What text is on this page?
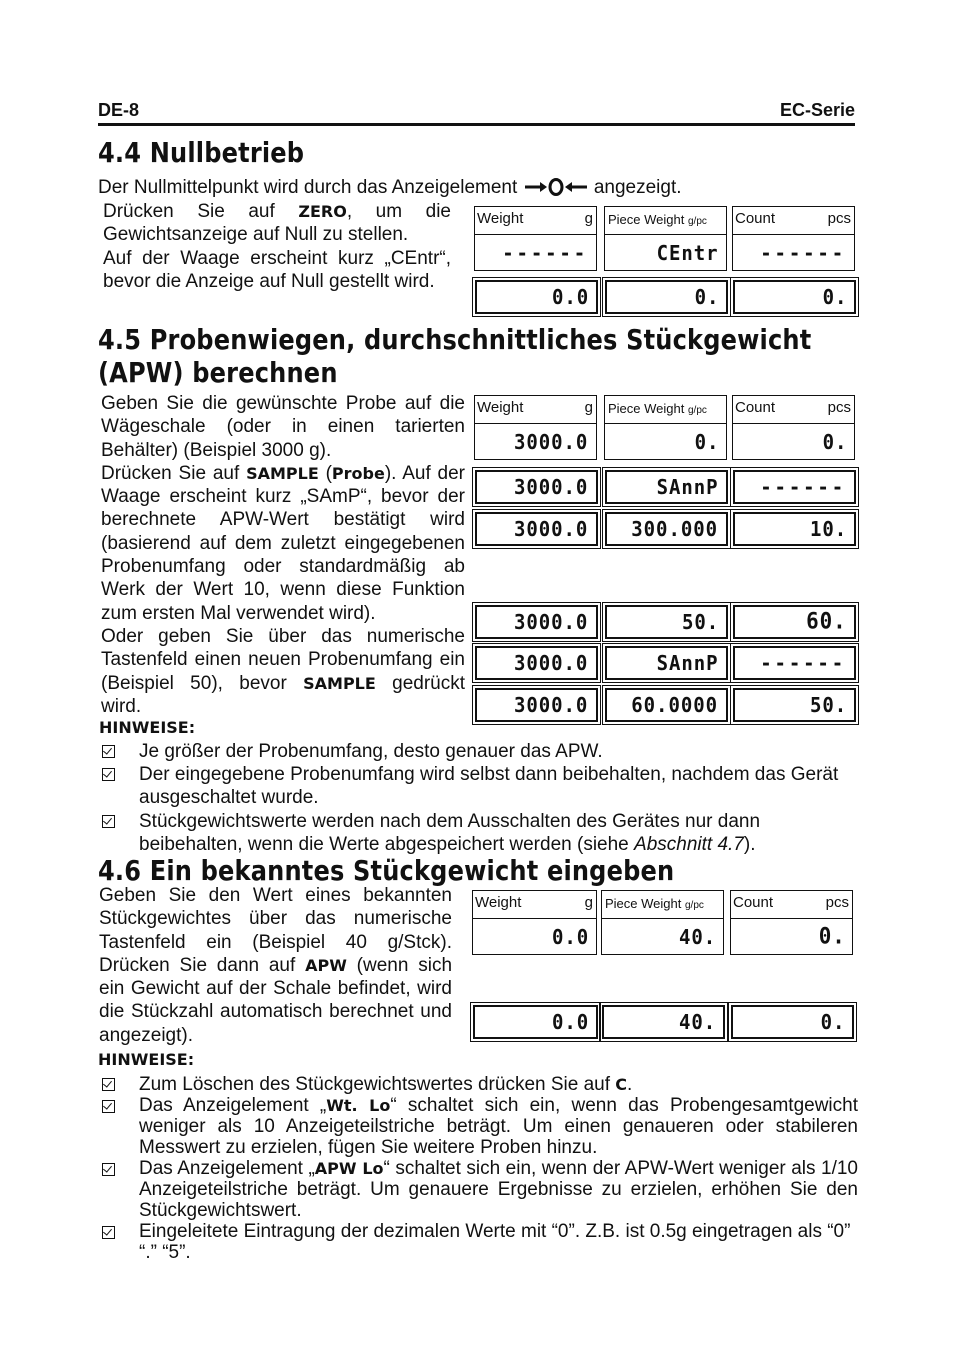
DE-8	EC-Serie
4.4 Nullbetrieb
Der Nullmittelpunkt wird durch das Anzeigelement	angezeigt.
Drücken Sie auf ZERO, um die Gewichtsanzeige auf Null zu stellen.
Auf der Waage erscheint kurz „CEntr“, bevor die Anzeige auf Null gestellt wird.
Weight	g Piece Weight g/pc Count	pcs
------	CEntr ------
0.0	0.	0.
4.5 Probenwiegen, durchschnittliches Stückgewicht
(APW) berechnen
Geben Sie die gewünschte Probe auf die Wägeschale (oder in einen tarierten Behälter) (Beispiel 3000 g).
Drücken Sie auf SAMPLE (Probe). Auf der Waage erscheint kurz „SAmP“, bevor der berechnete APW-Wert bestätigt wird (basierend auf dem zuletzt eingegebenen Probenumfang oder standardmäßig ab Werk der Wert 10, wenn diese Funktion zum ersten Mal verwendet wird).
Oder geben Sie über das numerische Tastenfeld einen neuen Probenumfang ein (Beispiel 50), bevor SAMPLE gedrückt wird.
Weight	g Piece Weight g/pc Count	pcs
3000.0	0.	0.
3000.0	SAnnP ------
3000.0 300.000	10.
3000.0	50.	60.
3000.0	SAnnP ------
3000.0 60.0000	50.
HINWEISE:
Je größer der Probenumfang, desto genauer das APW.
Der eingegebene Probenumfang wird selbst dann beibehalten, nachdem das Gerät ausgeschaltet wurde.
Stückgewichtswerte werden nach dem Ausschalten des Gerätes nur dann beibehalten, wenn die Werte abgespeichert werden (siehe Abschnitt 4.7).
4.6 Ein bekanntes Stückgewicht eingeben
Geben Sie den Wert eines bekannten Stückgewichtes über das numerische Tastenfeld ein (Beispiel 40 g/Stck). Drücken Sie dann auf APW (wenn sich ein Gewicht auf der Schale befindet, wird die Stückzahl automatisch berechnet und angezeigt).
Weight	g Piece Weight g/pc Count	pcs
0.0	40.	0.
0.0	40.	0.
HINWEISE:
Zum Löschen des Stückgewichtswertes drücken Sie auf C.
Das Anzeigelement „Wt. Lo“ schaltet sich ein, wenn das Probengesamtgewicht weniger als 10 Anzeigeteilstriche beträgt. Um einen genaueren oder stabileren Messwert zu erzielen, fügen Sie weitere Proben hinzu.
Das Anzeigelement „APW Lo“ schaltet sich ein, wenn der APW-Wert weniger als 1/10 Anzeigeteilstriche beträgt. Um genauere Ergebnisse zu erzielen, erhöhen Sie den Stückgewichtswert.
Eingeleitete Eintragung der dezimalen Werte mit “0”. Z.B. ist 0.5g eingetragen als “0” “.” “5”.
